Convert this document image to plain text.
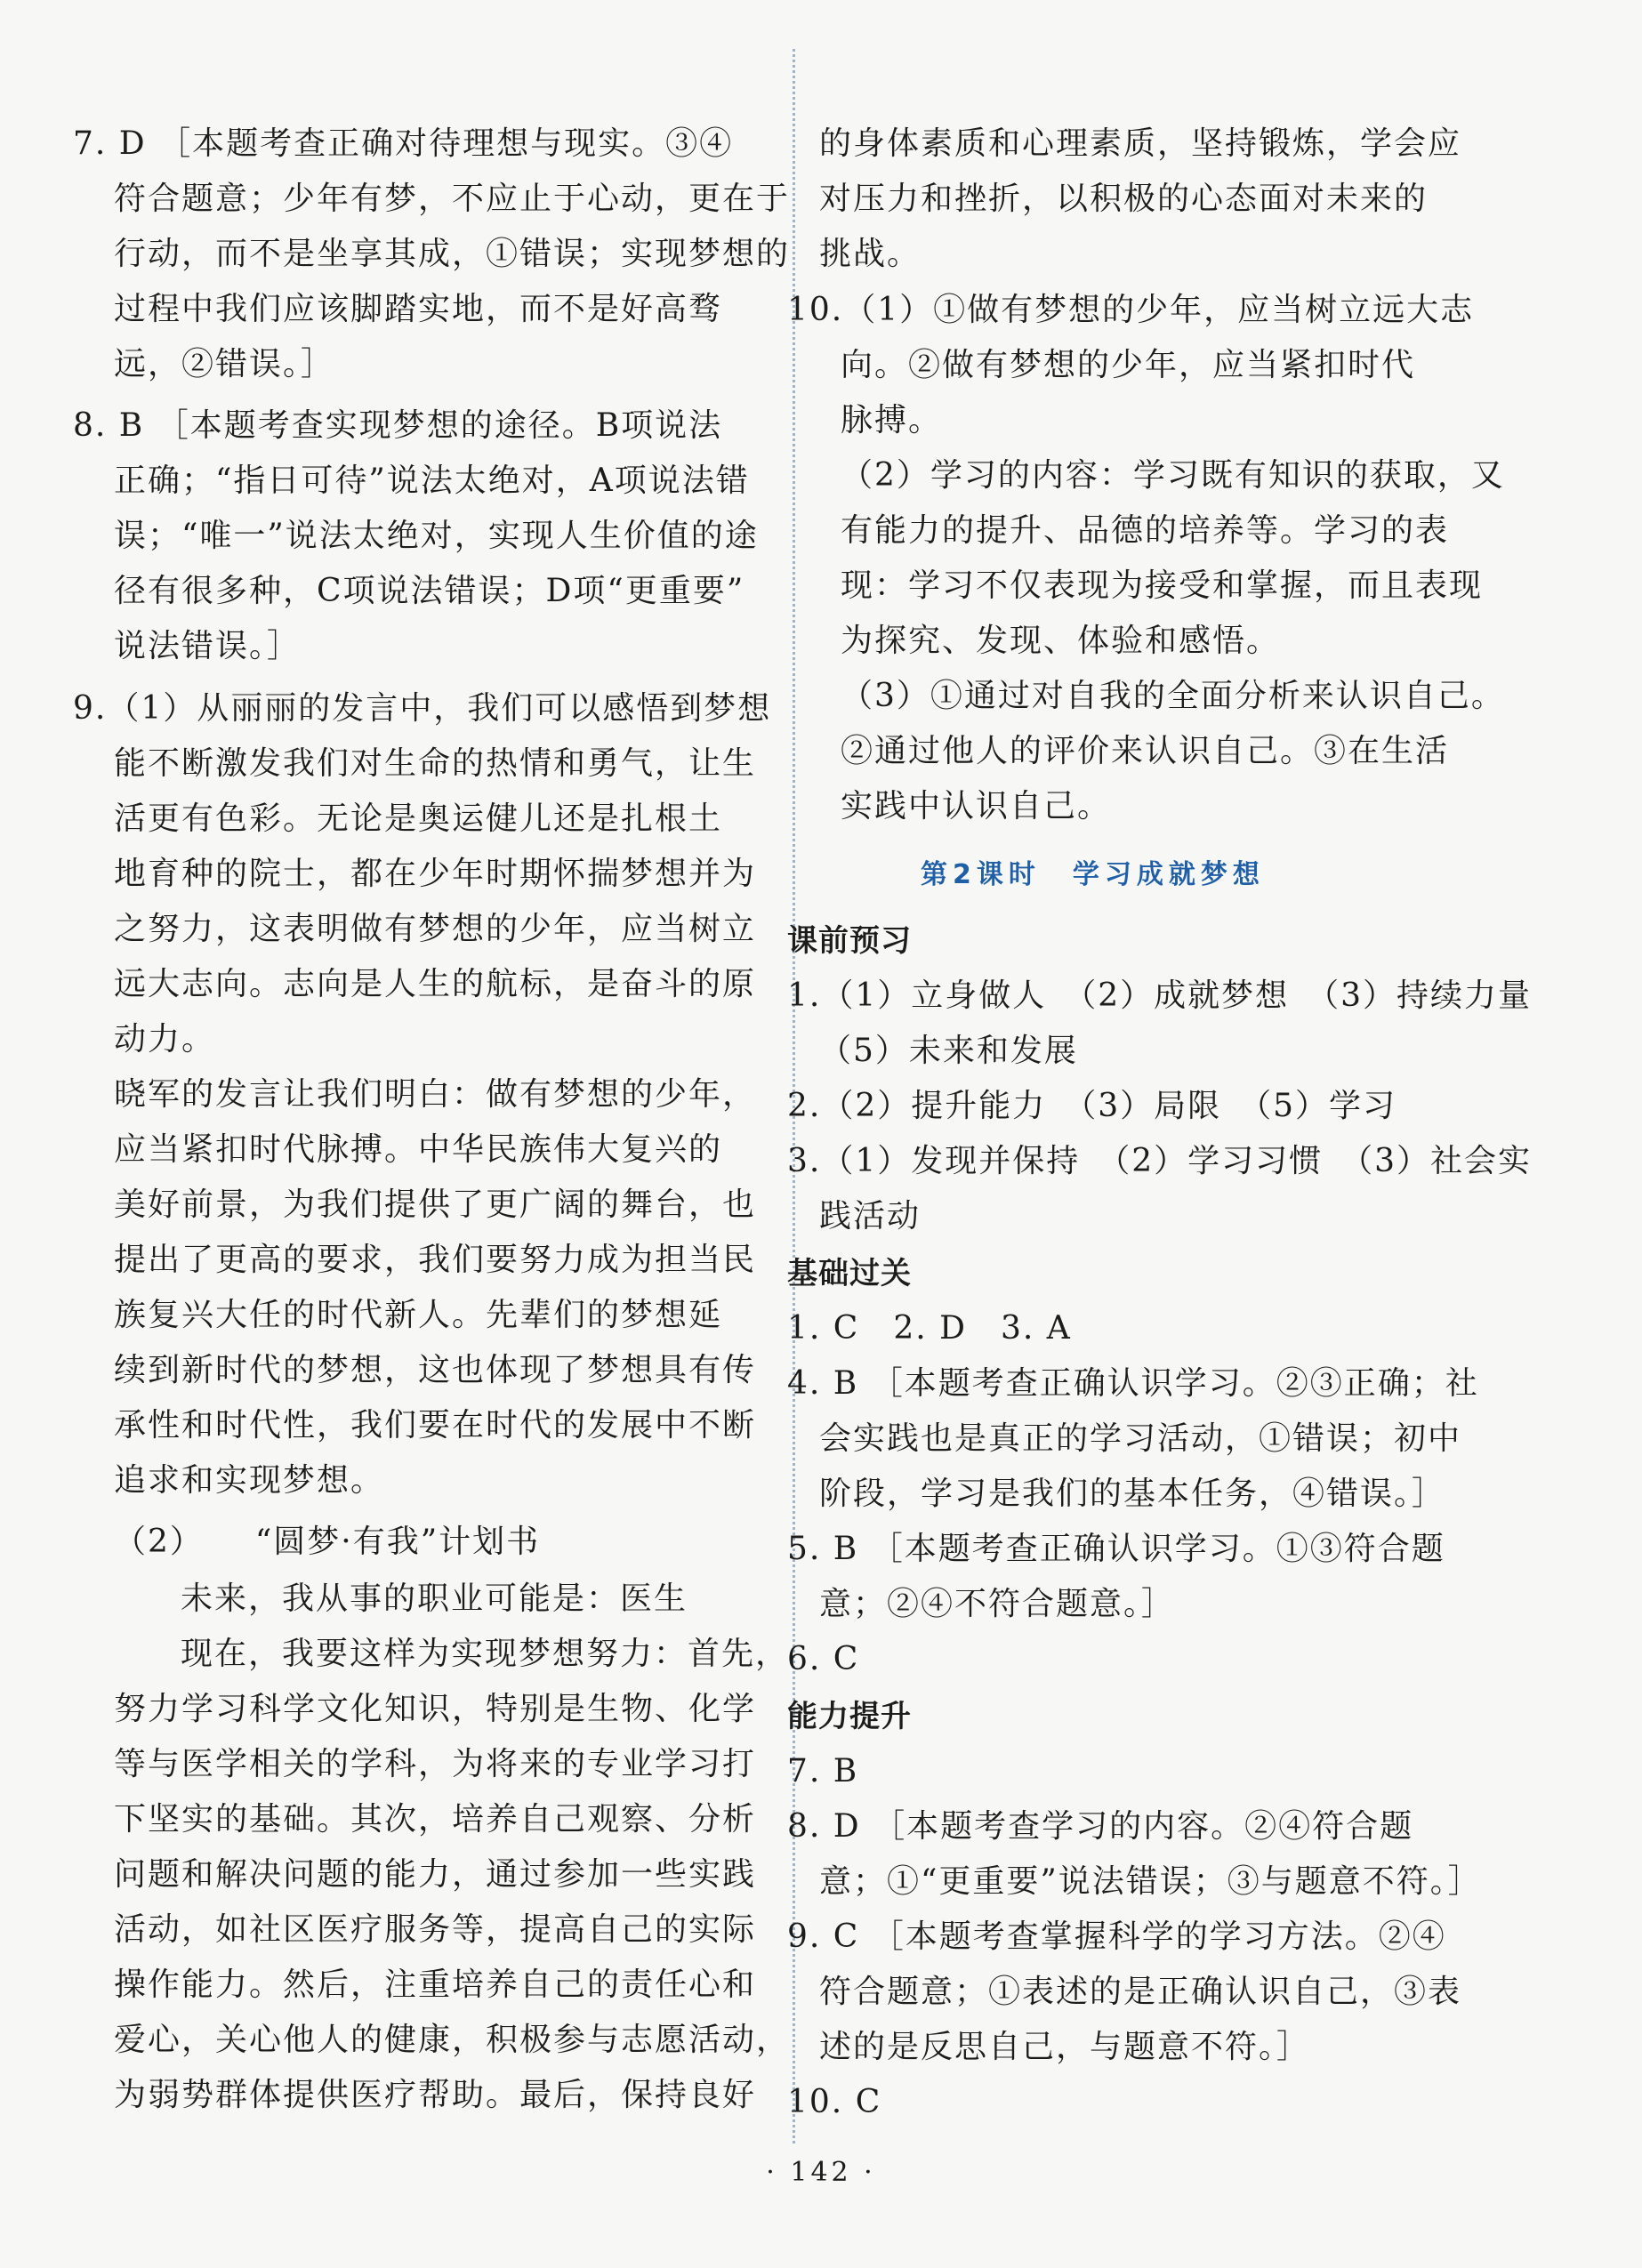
7. D ［本题考查正确对待理想与现实。③④
符合题意；少年有梦，不应止于心动，更在于
行动，而不是坐享其成，①错误；实现梦想的
过程中我们应该脚踏实地，而不是好高骛
远，②错误。］
8. B ［本题考查实现梦想的途径。B项说法
正确；“指日可待”说法太绝对，A项说法错
误；“唯一”说法太绝对，实现人生价值的途
径有很多种，C项说法错误；D项“更重要”
说法错误。］
9.（1）从丽丽的发言中，我们可以感悟到梦想
能不断激发我们对生命的热情和勇气，让生
活更有色彩。无论是奥运健儿还是扎根土
地育种的院士，都在少年时期怀揣梦想并为
之努力，这表明做有梦想的少年，应当树立
远大志向。志向是人生的航标，是奋斗的原
动力。
晓军的发言让我们明白：做有梦想的少年，
应当紧扣时代脉搏。中华民族伟大复兴的
美好前景，为我们提供了更广阔的舞台，也
提出了更高的要求，我们要努力成为担当民
族复兴大任的时代新人。先辈们的梦想延
续到新时代的梦想，这也体现了梦想具有传
承性和时代性，我们要在时代的发展中不断
追求和实现梦想。
（2）　　“圆梦·有我”计划书
未来，我从事的职业可能是：医生
现在，我要这样为实现梦想努力：首先，
努力学习科学文化知识，特别是生物、化学
等与医学相关的学科，为将来的专业学习打
下坚实的基础。其次，培养自己观察、分析
问题和解决问题的能力，通过参加一些实践
活动，如社区医疗服务等，提高自己的实际
操作能力。然后，注重培养自己的责任心和
爱心，关心他人的健康，积极参与志愿活动，
为弱势群体提供医疗帮助。最后，保持良好
的身体素质和心理素质，坚持锻炼，学会应
对压力和挫折，以积极的心态面对未来的
挑战。
10.（1）①做有梦想的少年，应当树立远大志
向。②做有梦想的少年，应当紧扣时代
脉搏。
（2）学习的内容：学习既有知识的获取，又
有能力的提升、品德的培养等。学习的表
现：学习不仅表现为接受和掌握，而且表现
为探究、发现、体验和感悟。
（3）①通过对自我的全面分析来认识自己。
②通过他人的评价来认识自己。③在生活
实践中认识自己。
第2课时　学习成就梦想
课前预习
1.（1）立身做人　（2）成就梦想　（3）持续力量
（5）未来和发展
2.（2）提升能力　（3）局限　（5）学习
3.（1）发现并保持　（2）学习习惯　（3）社会实
践活动
基础过关
1. C　2. D　3. A
4. B ［本题考查正确认识学习。②③正确；社
会实践也是真正的学习活动，①错误；初中
阶段，学习是我们的基本任务，④错误。］
5. B ［本题考查正确认识学习。①③符合题
意；②④不符合题意。］
6. C
能力提升
7. B
8. D ［本题考查学习的内容。②④符合题
意；①“更重要”说法错误；③与题意不符。］
9. C ［本题考查掌握科学的学习方法。②④
符合题意；①表述的是正确认识自己，③表
述的是反思自己，与题意不符。］
10. C
· 142 ·
